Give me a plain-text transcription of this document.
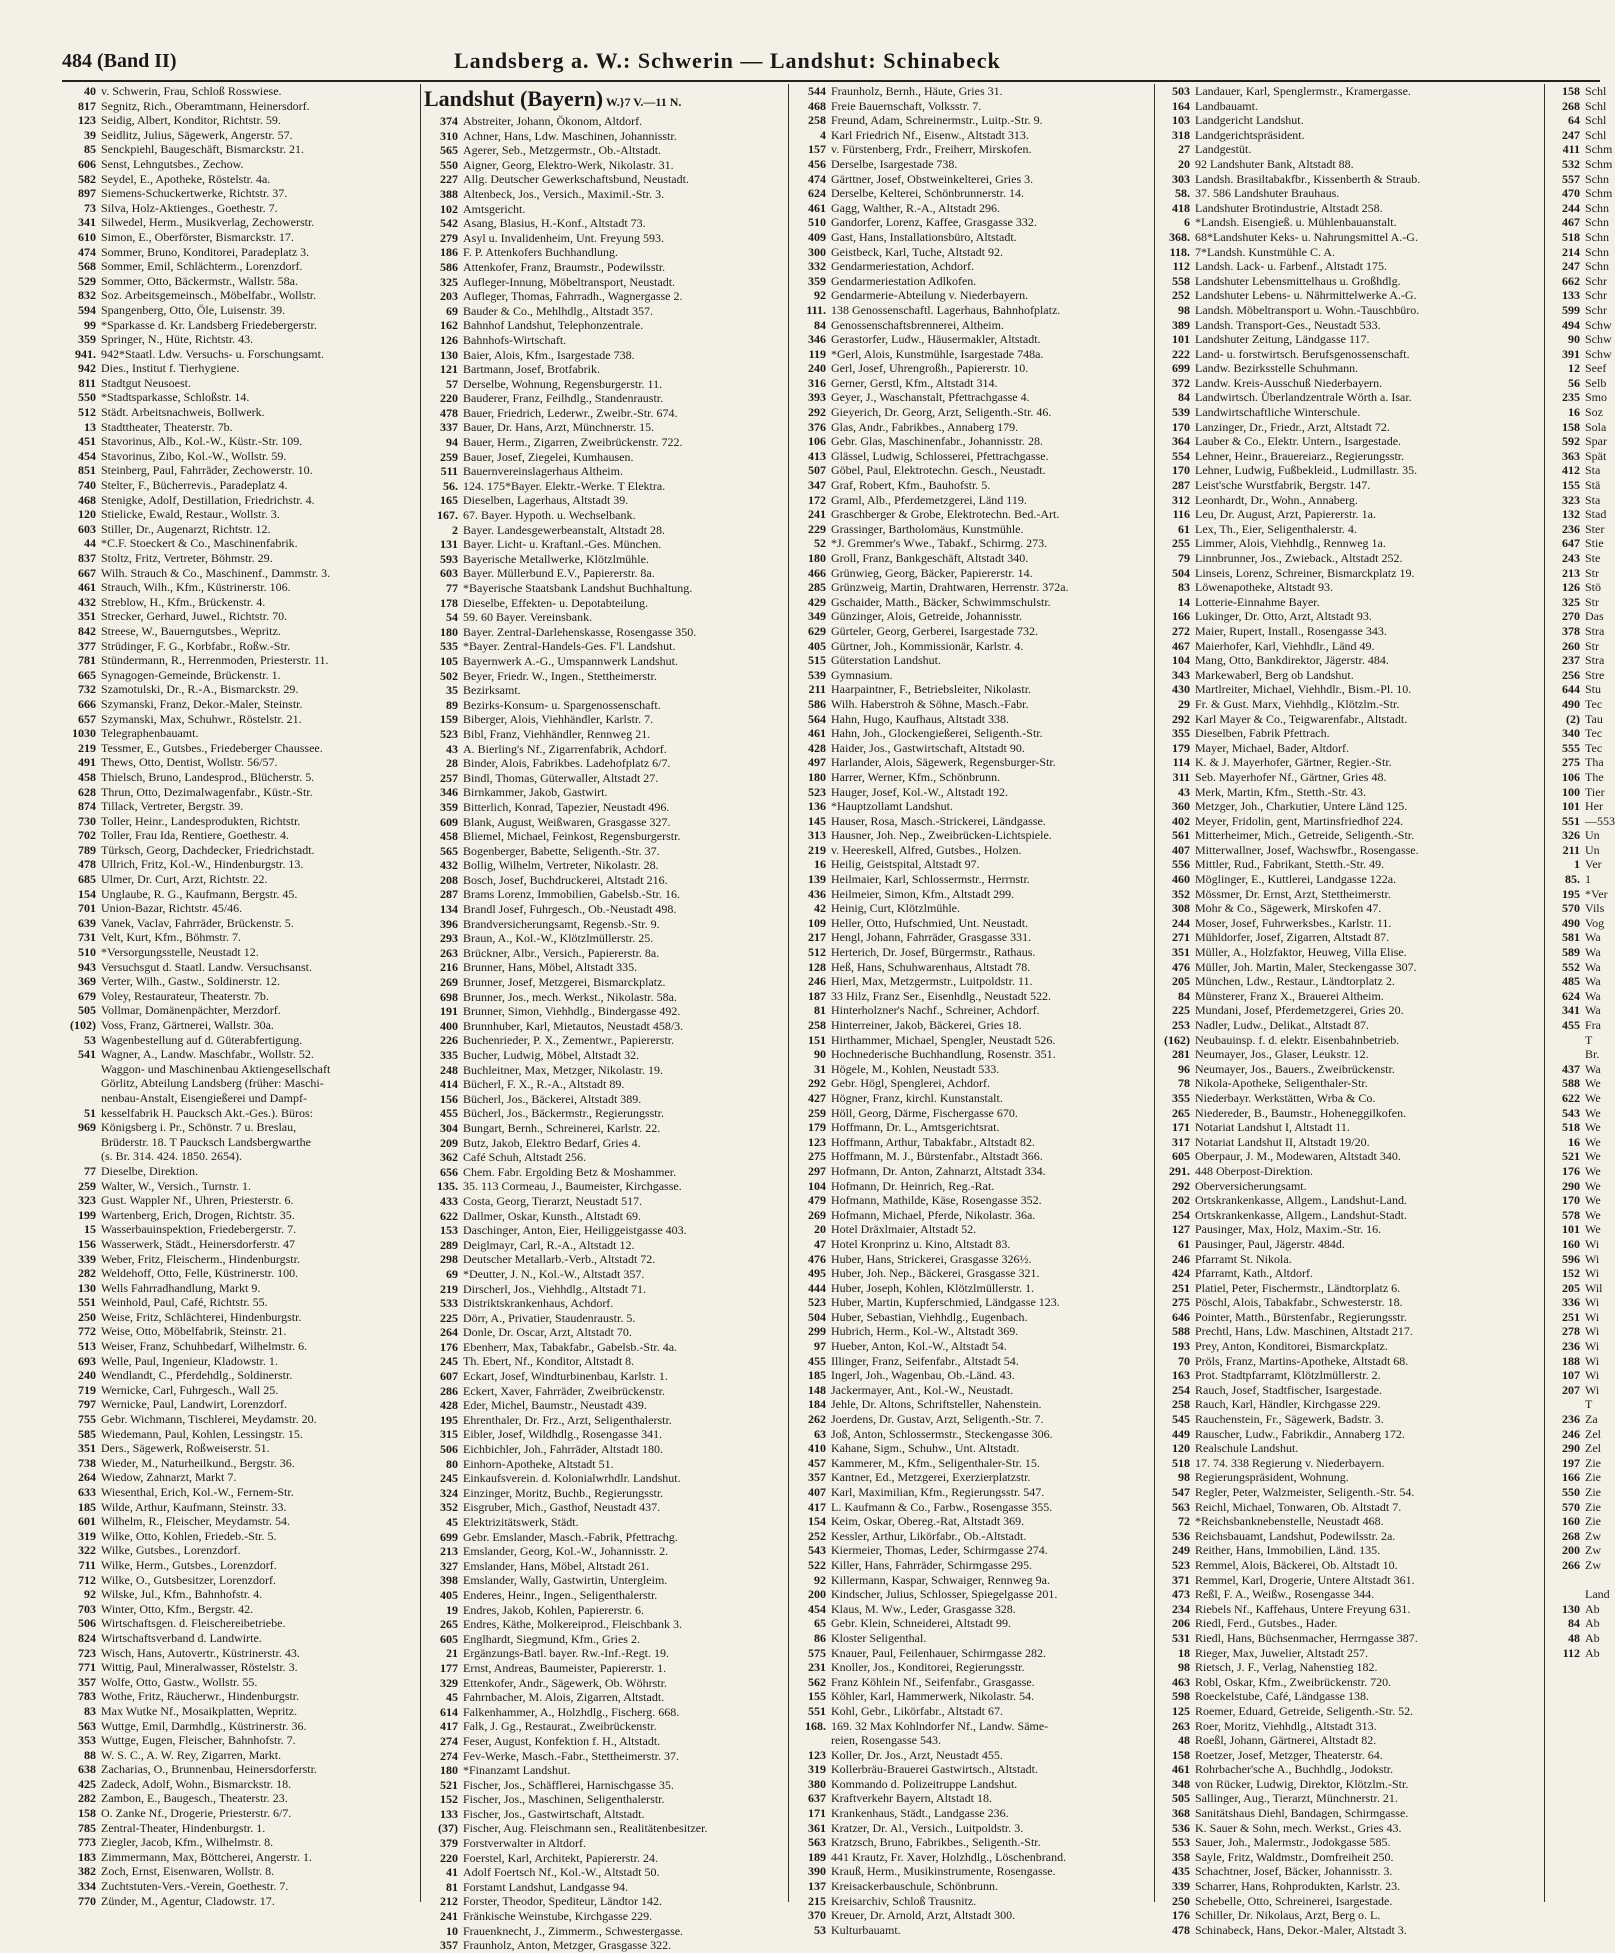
484 (Band II)	Landsberg a. W.: Schwerin — Landshut: Schinabeck
40 v. Schwerin, Frau, Schloß Rosswiese.
817 Segnitz, Rich., Oberamtmann, Heinersdorf.
123 Seidig, Albert, Konditor, Richtstr. 59.
39 Seidlitz, Julius, Sägewerk, Angerstr. 57.
85 Senckpiehl, Baugeschäft, Bismarckstr. 21.
606 Senst, Lehngutsbes., Zechow.
582 Seydel, E., Apotheke, Röstelstr. 4a.
897 Siemens-Schuckertwerke, Richtstr. 37.
73 Silva, Holz-Aktienges., Goethestr. 7.
341 Silwedel, Herm., Musikverlag, Zechowerstr.
610 Simon, E., Oberförster, Bismarckstr. 17.
474 Sommer, Bruno, Konditorei, Paradeplatz 3.
568 Sommer, Emil, Schlächterm., Lorenzdorf.
529 Sommer, Otto, Bäckermstr., Wallstr. 58a.
832 Soz. Arbeitsgemeinsch., Möbelfabr., Wollstr.
594 Spangenberg, Otto, Öle, Luisenstr. 39.
99 *Sparkasse d. Kr. Landsberg Friedebergerstr.
359 Springer, N., Hüte, Richtstr. 43.
941. 942*Staatl. Ldw. Versuchs- u. Forschungsamt.
942 Dies., Institut f. Tierhygiene.
811 Stadtgut Neusoest.
550 *Stadtsparkasse, Schloßstr. 14.
512 Städt. Arbeitsnachweis, Bollwerk.
13 Stadttheater, Theaterstr. 7b.
451 Stavorinus, Alb., Kol.-W., Küstr.-Str. 109.
454 Stavorinus, Zibo, Kol.-W., Wollstr. 59.
851 Steinberg, Paul, Fahrräder, Zechowerstr. 10.
740 Stelter, F., Bücherrevis., Paradeplatz 4.
468 Stenigke, Adolf, Destillation, Friedrichstr. 4.
120 Stielicke, Ewald, Restaur., Wollstr. 3.
603 Stiller, Dr., Augenarzt, Richtstr. 12.
44 *C.F. Stoeckert & Co., Maschinenfabrik.
837 Stoltz, Fritz, Vertreter, Böhmstr. 29.
667 Wilh. Strauch & Co., Maschinenf., Dammstr. 3.
461 Strauch, Wilh., Kfm., Küstrinerstr. 106.
432 Streblow, H., Kfm., Brückenstr. 4.
351 Strecker, Gerhard, Juwel., Richtstr. 70.
842 Streese, W., Bauerngutsbes., Wepritz.
377 Strüdinger, F. G., Korbfabr., Roßw.-Str.
781 Stündermann, R., Herrenmoden, Priesterstr. 11.
665 Synagogen-Gemeinde, Brückenstr. 1.
732 Szamotulski, Dr., R.-A., Bismarckstr. 29.
666 Szymanski, Franz, Dekor.-Maler, Steinstr.
657 Szymanski, Max, Schuhwr., Röstelstr. 21.
1030 Telegraphenbauamt.
219 Tessmer, E., Gutsbes., Friedeberger Chaussee.
491 Thews, Otto, Dentist, Wollstr. 56/57.
458 Thielsch, Bruno, Landesprod., Blücherstr. 5.
628 Thrun, Otto, Dezimalwagenfabr., Küstr.-Str.
874 Tillack, Vertreter, Bergstr. 39.
730 Toller, Heinr., Landesprodukten, Richtstr.
702 Toller, Frau Ida, Rentiere, Goethestr. 4.
789 Türksch, Georg, Dachdecker, Friedrichstadt.
478 Ullrich, Fritz, Kol.-W., Hindenburgstr. 13.
685 Ulmer, Dr. Curt, Arzt, Richtstr. 22.
154 Unglaube, R. G., Kaufmann, Bergstr. 45.
701 Union-Bazar, Richtstr. 45/46.
639 Vanek, Vaclav, Fahrräder, Brückenstr. 5.
731 Velt, Kurt, Kfm., Böhmstr. 7.
510 *Versorgungsstelle, Neustadt 12.
943 Versuchsgut d. Staatl. Landw. Versuchsanst.
369 Verter, Wilh., Gastw., Soldinerstr. 12.
679 Voley, Restaurateur, Theaterstr. 7b.
505 Vollmar, Domänenpächter, Merzdorf.
(102) Voss, Franz, Gärtnerei, Wallstr. 30a.
53 Wagenbestellung auf d. Güterabfertigung.
541 Wagner, A., Landw. Maschfabr., Wollstr. 52.
Waggon- und Maschinenbau Aktiengesellschaft
Görlitz, Abteilung Landsberg (früher: Maschi-
nenbau-Anstalt, Eisengießerei und Dampf-
51 kesselfabrik H. Paucksch Akt.-Ges.). Büros:
969 Königsberg i. Pr., Schönstr. 7 u. Breslau,
Brüderstr. 18. T Paucksch Landsbergwarthe
(s. Br. 314. 424. 1850. 2654).
77 Dieselbe, Direktion.
259 Walter, W., Versich., Turnstr. 1.
323 Gust. Wappler Nf., Uhren, Priesterstr. 6.
199 Wartenberg, Erich, Drogen, Richtstr. 35.
15 Wasserbauinspektion, Friedebergerstr. 7.
156 Wasserwerk, Städt., Heinersdorferstr. 47
339 Weber, Fritz, Fleischerm., Hindenburgstr.
282 Weldehoff, Otto, Felle, Küstrinerstr. 100.
130 Wells Fahrradhandlung, Markt 9.
551 Weinhold, Paul, Café, Richtstr. 55.
250 Weise, Fritz, Schlächterei, Hindenburgstr.
772 Weise, Otto, Möbelfabrik, Steinstr. 21.
513 Weiser, Franz, Schuhbedarf, Wilhelmstr. 6.
693 Welle, Paul, Ingenieur, Kladowstr. 1.
240 Wendlandt, C., Pferdehdlg., Soldinerstr.
719 Wernicke, Carl, Fuhrgesch., Wall 25.
797 Wernicke, Paul, Landwirt, Lorenzdorf.
755 Gebr. Wichmann, Tischlerei, Meydamstr. 20.
585 Wiedemann, Paul, Kohlen, Lessingstr. 15.
351 Ders., Sägewerk, Roßweiserstr. 51.
738 Wieder, M., Naturheilkund., Bergstr. 36.
264 Wiedow, Zahnarzt, Markt 7.
633 Wiesenthal, Erich, Kol.-W., Fernem-Str.
185 Wilde, Arthur, Kaufmann, Steinstr. 33.
601 Wilhelm, R., Fleischer, Meydamstr. 54.
319 Wilke, Otto, Kohlen, Friedeb.-Str. 5.
322 Wilke, Gutsbes., Lorenzdorf.
711 Wilke, Herm., Gutsbes., Lorenzdorf.
712 Wilke, O., Gutsbesitzer, Lorenzdorf.
92 Wilske, Jul., Kfm., Bahnhofstr. 4.
703 Winter, Otto, Kfm., Bergstr. 42.
506 Wirtschaftsgen. d. Fleischereibetriebe.
824 Wirtschaftsverband d. Landwirte.
723 Wisch, Hans, Autovertr., Küstrinerstr. 43.
771 Wittig, Paul, Mineralwasser, Röstelstr. 3.
357 Wolfe, Otto, Gastw., Wollstr. 55.
783 Wothe, Fritz, Räucherwr., Hindenburgstr.
83 Max Wutke Nf., Mosaikplatten, Wepritz.
563 Wuttge, Emil, Darmhdlg., Küstrinerstr. 36.
353 Wuttge, Eugen, Fleischer, Bahnhofstr. 7.
88 W. S. C., A. W. Rey, Zigarren, Markt.
638 Zacharias, O., Brunnenbau, Heinersdorferstr.
425 Zadeck, Adolf, Wohn., Bismarckstr. 18.
282 Zambon, E., Baugesch., Theaterstr. 23.
158 O. Zanke Nf., Drogerie, Priesterstr. 6/7.
785 Zentral-Theater, Hindenburgstr. 1.
773 Ziegler, Jacob, Kfm., Wilhelmstr. 8.
183 Zimmermann, Max, Böttcherei, Angerstr. 1.
382 Zoch, Ernst, Eisenwaren, Wollstr. 8.
334 Zuchtstuten-Vers.-Verein, Goethestr. 7.
770 Zünder, M., Agentur, Cladowstr. 17.
Landshut (Bayern) W.}7 V.—11 N.
374 Abstreiter, Johann, Ökonom, Altdorf.
310 Achner, Hans, Ldw. Maschinen, Johannisstr.
565 Agerer, Seb., Metzgermstr., Ob.-Altstadt.
550 Aigner, Georg, Elektro-Werk, Nikolastr. 31.
227 Allg. Deutscher Gewerkschaftsbund, Neustadt.
388 Altenbeck, Jos., Versich., Maximil.-Str. 3.
102 Amtsgericht.
542 Asang, Blasius, H.-Konf., Altstadt 73.
279 Asyl u. Invalidenheim, Unt. Freyung 593.
186 F. P. Attenkofers Buchhandlung.
586 Attenkofer, Franz, Braumstr., Podewilsstr.
325 Aufleger-Innung, Möbeltransport, Neustadt.
203 Aufleger, Thomas, Fahrradh., Wagnergasse 2.
69 Bauder & Co., Mehlhdlg., Altstadt 357.
162 Bahnhof Landshut, Telephonzentrale.
126 Bahnhofs-Wirtschaft.
130 Baier, Alois, Kfm., Isargestade 738.
121 Bartmann, Josef, Brotfabrik.
57 Derselbe, Wohnung, Regensburgerstr. 11.
220 Bauderer, Franz, Feilhdlg., Standenraustr.
478 Bauer, Friedrich, Lederwr., Zweibr.-Str. 674.
337 Bauer, Dr. Hans, Arzt, Münchnerstr. 15.
94 Bauer, Herm., Zigarren, Zweibrückenstr. 722.
259 Bauer, Josef, Ziegelei, Kumhausen.
511 Bauernvereinslagerhaus Altheim.
56. 124. 175*Bayer. Elektr.-Werke. T Elektra.
165 Dieselben, Lagerhaus, Altstadt 39.
167. 67. Bayer. Hypoth. u. Wechselbank.
2 Bayer. Landesgewerbeanstalt, Altstadt 28.
131 Bayer. Licht- u. Kraftanl.-Ges. München.
593 Bayerische Metallwerke, Klötzlmühle.
603 Bayer. Müllerbund E.V., Papiererstr. 8a.
77 *Bayerische Staatsbank Landshut Buchhaltung.
178 Dieselbe, Effekten- u. Depotabteilung.
54 59. 60 Bayer. Vereinsbank.
180 Bayer. Zentral-Darlehenskasse, Rosengasse 350.
535 *Bayer. Zentral-Handels-Ges. F'l. Landshut.
105 Bayernwerk A.-G., Umspannwerk Landshut.
502 Beyer, Friedr. W., Ingen., Stettheimerstr.
35 Bezirksamt.
89 Bezirks-Konsum- u. Spargenossenschaft.
159 Biberger, Alois, Viehhändler, Karlstr. 7.
523 Bibl, Franz, Viehhändler, Rennweg 21.
43 A. Bierling's Nf., Zigarrenfabrik, Achdorf.
28 Binder, Alois, Fabrikbes. Ladehofplatz 6/7.
257 Bindl, Thomas, Güterwaller, Altstadt 27.
346 Birnkammer, Jakob, Gastwirt.
359 Bitterlich, Konrad, Tapezier, Neustadt 496.
609 Blank, August, Weißwaren, Grasgasse 327.
458 Bliemel, Michael, Feinkost, Regensburgerstr.
565 Bogenberger, Babette, Seligenth.-Str. 37.
432 Bollig, Wilhelm, Vertreter, Nikolastr. 28.
208 Bosch, Josef, Buchdruckerei, Altstadt 216.
287 Brams Lorenz, Immobilien, Gabelsb.-Str. 16.
134 Brandl Josef, Fuhrgesch., Ob.-Neustadt 498.
396 Brandversicherungsamt, Regensb.-Str. 9.
293 Braun, A., Kol.-W., Klötzlmüllerstr. 25.
263 Brückner, Albr., Versich., Papiererstr. 8a.
216 Brunner, Hans, Möbel, Altstadt 335.
269 Brunner, Josef, Metzgerei, Bismarckplatz.
698 Brunner, Jos., mech. Werkst., Nikolastr. 58a.
191 Brunner, Simon, Viehhdlg., Bindergasse 492.
400 Brunnhuber, Karl, Mietautos, Neustadt 458/3.
226 Buchenrieder, P. X., Zementwr., Papiererstr.
335 Bucher, Ludwig, Möbel, Altstadt 32.
248 Buchleitner, Max, Metzger, Nikolastr. 19.
414 Bücherl, F. X., R.-A., Altstadt 89.
156 Bücherl, Jos., Bäckerei, Altstadt 389.
455 Bücherl, Jos., Bäckermstr., Regierungsstr.
304 Bungart, Bernh., Schreinerei, Karlstr. 22.
209 Butz, Jakob, Elektro Bedarf, Gries 4.
362 Café Schuh, Altstadt 256.
656 Chem. Fabr. Ergolding Betz & Moshammer.
135. 35. 113 Cormeau, J., Baumeister, Kirchgasse.
433 Costa, Georg, Tierarzt, Neustadt 517.
622 Dallmer, Oskar, Kunsth., Altstadt 69.
153 Daschinger, Anton, Eier, Heiliggeistgasse 403.
289 Deiglmayr, Carl, R.-A., Altstadt 12.
298 Deutscher Metallarb.-Verb., Altstadt 72.
69 *Deutter, J. N., Kol.-W., Altstadt 357.
219 Dirscherl, Jos., Viehhdlg., Altstadt 71.
533 Distriktskrankenhaus, Achdorf.
225 Dörr, A., Privatier, Staudenraustr. 5.
264 Donle, Dr. Oscar, Arzt, Altstadt 70.
176 Ebenherr, Max, Tabakfabr., Gabelsb.-Str. 4a.
245 Th. Ebert, Nf., Konditor, Altstadt 8.
607 Eckart, Josef, Windturbinenbau, Karlstr. 1.
286 Eckert, Xaver, Fahrräder, Zweibrückenstr.
428 Eder, Michel, Baumstr., Neustadt 439.
195 Ehrenthaler, Dr. Frz., Arzt, Seligenthalerstr.
315 Eibler, Josef, Wildhdlg., Rosengasse 341.
506 Eichbichler, Joh., Fahrräder, Altstadt 180.
80 Einhorn-Apotheke, Altstadt 51.
245 Einkaufsverein. d. Kolonialwrhdlr. Landshut.
324 Einzinger, Moritz, Buchb., Regierungsstr.
352 Eisgruber, Mich., Gasthof, Neustadt 437.
45 Elektrizitätswerk, Städt.
699 Gebr. Emslander, Masch.-Fabrik, Pfettrachg.
213 Emslander, Georg, Kol.-W., Johannisstr. 2.
327 Emslander, Hans, Möbel, Altstadt 261.
398 Emslander, Wally, Gastwirtin, Untergleim.
405 Enderes, Heinr., Ingen., Seligenthalerstr.
19 Endres, Jakob, Kohlen, Papiererstr. 6.
265 Endres, Käthe, Molkereiprod., Fleischbank 3.
605 Englhardt, Siegmund, Kfm., Gries 2.
21 Ergänzungs-Batl. bayer. Rw.-Inf.-Regt. 19.
177 Ernst, Andreas, Baumeister, Papiererstr. 1.
329 Ettenkofer, Andr., Sägewerk, Ob. Wöhrstr.
45 Fahrnbacher, M. Alois, Zigarren, Altstadt.
614 Falkenhammer, A., Holzhdlg., Fischerg. 668.
417 Falk, J. Gg., Restaurat., Zweibrückenstr.
274 Feser, August, Konfektion f. H., Altstadt.
274 Fev-Werke, Masch.-Fabr., Stettheimerstr. 37.
180 *Finanzamt Landshut.
521 Fischer, Jos., Schäfflerei, Harnischgasse 35.
152 Fischer, Jos., Maschinen, Seligenthalerstr.
133 Fischer, Jos., Gastwirtschaft, Altstadt.
(37) Fischer, Aug. Fleischmann sen., Realitätenbesitzer.
379 Forstverwalter in Altdorf.
220 Foerstel, Karl, Architekt, Papiererstr. 24.
41 Adolf Foertsch Nf., Kol.-W., Altstadt 50.
81 Forstamt Landshut, Landgasse 94.
212 Forster, Theodor, Spediteur, Ländtor 142.
241 Fränkische Weinstube, Kirchgasse 229.
10 Frauenknecht, J., Zimmerm., Schwestergasse.
357 Fraunholz, Anton, Metzger, Grasgasse 322.
544 Fraunholz, Bernh., Häute, Gries 31.
468 Freie Bauernschaft, Volksstr. 7.
258 Freund, Adam, Schreinermstr., Luitp.-Str. 9.
4 Karl Friedrich Nf., Eisenw., Altstadt 313.
157 v. Fürstenberg, Frdr., Freiherr, Mirskofen.
456 Derselbe, Isargestade 738.
474 Gärttner, Josef, Obstweinkelterei, Gries 3.
624 Derselbe, Kelterei, Schönbrunnerstr. 14.
461 Gagg, Walther, R.-A., Altstadt 296.
510 Gandorfer, Lorenz, Kaffee, Grasgasse 332.
409 Gast, Hans, Installationsbüro, Altstadt.
300 Geistbeck, Karl, Tuche, Altstadt 92.
332 Gendarmeriestation, Achdorf.
359 Gendarmeriestation Adlkofen.
92 Gendarmerie-Abteilung v. Niederbayern.
111. 138 Genossenschaftl. Lagerhaus, Bahnhofplatz.
84 Genossenschaftsbrennerei, Altheim.
346 Gerastorfer, Ludw., Häusermakler, Altstadt.
119 *Gerl, Alois, Kunstmühle, Isargestade 748a.
240 Gerl, Josef, Uhrengroßh., Papiererstr. 10.
316 Gerner, Gerstl, Kfm., Altstadt 314.
393 Geyer, J., Waschanstalt, Pfettrachgasse 4.
292 Gieyerich, Dr. Georg, Arzt, Seligenth.-Str. 46.
376 Glas, Andr., Fabrikbes., Annaberg 179.
106 Gebr. Glas, Maschinenfabr., Johannisstr. 28.
413 Glässel, Ludwig, Schlosserei, Pfettrachgasse.
507 Göbel, Paul, Elektrotechn. Gesch., Neustadt.
347 Graf, Robert, Kfm., Bauhofstr. 5.
172 Graml, Alb., Pferdemetzgerei, Länd 119.
241 Graschberger & Grobe, Elektrotechn. Bed.-Art.
229 Grassinger, Bartholomäus, Kunstmühle.
52 *J. Gremmer's Wwe., Tabakf., Schirmg. 273.
180 Groll, Franz, Bankgeschäft, Altstadt 340.
466 Grünwieg, Georg, Bäcker, Papiererstr. 14.
285 Grünzweig, Martin, Drahtwaren, Herrenstr. 372a.
429 Gschaider, Matth., Bäcker, Schwimmschulstr.
349 Günzinger, Alois, Getreide, Johannisstr.
629 Gürteler, Georg, Gerberei, Isargestade 732.
405 Gürtner, Joh., Kommissionär, Karlstr. 4.
515 Güterstation Landshut.
539 Gymnasium.
211 Haarpaintner, F., Betriebsleiter, Nikolastr.
586 Wilh. Haberstroh & Söhne, Masch.-Fabr.
564 Hahn, Hugo, Kaufhaus, Altstadt 338.
461 Hahn, Joh., Glockengießerei, Seligenth.-Str.
428 Haider, Jos., Gastwirtschaft, Altstadt 90.
497 Harlander, Alois, Sägewerk, Regensburger-Str.
180 Harrer, Werner, Kfm., Schönbrunn.
523 Hauger, Josef, Kol.-W., Altstadt 192.
136 *Hauptzollamt Landshut.
145 Hauser, Rosa, Masch.-Strickerei, Ländgasse.
313 Hausner, Joh. Nep., Zweibrücken-Lichtspiele.
219 v. Heereskell, Alfred, Gutsbes., Holzen.
16 Heilig, Geistspital, Altstadt 97.
139 Heilmaier, Karl, Schlossermstr., Herrnstr.
436 Heilmeier, Simon, Kfm., Altstadt 299.
42 Heinig, Curt, Klötzlmühle.
109 Heller, Otto, Hufschmied, Unt. Neustadt.
217 Hengl, Johann, Fahrräder, Grasgasse 331.
512 Herterich, Dr. Josef, Bürgermstr., Rathaus.
128 Heß, Hans, Schuhwarenhaus, Altstadt 78.
246 Hierl, Max, Metzgermstr., Luitpoldstr. 11.
187 33 Hilz, Franz Ser., Eisenhdlg., Neustadt 522.
81 Hinterholzner's Nachf., Schreiner, Achdorf.
258 Hinterreiner, Jakob, Bäckerei, Gries 18.
151 Hirthammer, Michael, Spengler, Neustadt 526.
90 Hochnederische Buchhandlung, Rosenstr. 351.
31 Högele, M., Kohlen, Neustadt 533.
292 Gebr. Högl, Spenglerei, Achdorf.
427 Högner, Franz, kirchl. Kunstanstalt.
259 Höll, Georg, Därme, Fischergasse 670.
179 Hoffmann, Dr. L., Amtsgerichtsrat.
123 Hoffmann, Arthur, Tabakfabr., Altstadt 82.
275 Hoffmann, M. J., Bürstenfabr., Altstadt 366.
297 Hofmann, Dr. Anton, Zahnarzt, Altstadt 334.
104 Hofmann, Dr. Heinrich, Reg.-Rat.
479 Hofmann, Mathilde, Käse, Rosengasse 352.
269 Hofmann, Michael, Pferde, Nikolastr. 36a.
20 Hotel Dräxlmaier, Altstadt 52.
47 Hotel Kronprinz u. Kino, Altstadt 83.
476 Huber, Hans, Strickerei, Grasgasse 326½.
495 Huber, Joh. Nep., Bäckerei, Grasgasse 321.
444 Huber, Joseph, Kohlen, Klötzlmüllerstr. 1.
523 Huber, Martin, Kupferschmied, Ländgasse 123.
504 Huber, Sebastian, Viehhdlg., Eugenbach.
299 Hubrich, Herm., Kol.-W., Altstadt 369.
97 Hueber, Anton, Kol.-W., Altstadt 54.
455 Illinger, Franz, Seifenfabr., Altstadt 54.
185 Ingerl, Joh., Wagenbau, Ob.-Länd. 43.
148 Jackermayer, Ant., Kol.-W., Neustadt.
184 Jehle, Dr. Altons, Schriftsteller, Nahenstein.
262 Joerdens, Dr. Gustav, Arzt, Seligenth.-Str. 7.
63 Joß, Anton, Schlossermstr., Steckengasse 306.
410 Kahane, Sigm., Schuhw., Unt. Altstadt.
457 Kammerer, M., Kfm., Seligenthaler-Str. 15.
357 Kantner, Ed., Metzgerei, Exerzierplatzstr.
407 Karl, Maximilian, Kfm., Regierungsstr. 547.
417 L. Kaufmann & Co., Farbw., Rosengasse 355.
154 Keim, Oskar, Obereg.-Rat, Altstadt 369.
252 Kessler, Arthur, Likörfabr., Ob.-Altstadt.
543 Kiermeier, Thomas, Leder, Schirmgasse 274.
522 Killer, Hans, Fahrräder, Schirmgasse 295.
92 Killermann, Kaspar, Schwaiger, Rennweg 9a.
200 Kindscher, Julius, Schlosser, Spiegelgasse 201.
454 Klaus, M. Ww., Leder, Grasgasse 328.
65 Gebr. Klein, Schneiderei, Altstadt 99.
86 Kloster Seligenthal.
575 Knauer, Paul, Feilenhauer, Schirmgasse 282.
231 Knoller, Jos., Konditorei, Regierungsstr.
562 Franz Köhlein Nf., Seifenfabr., Grasgasse.
155 Köhler, Karl, Hammerwerk, Nikolastr. 54.
551 Kohl, Gebr., Likörfabr., Altstadt 67.
168. 169. 32 Max Kohlndorfer Nf., Landw. Säme-
reien, Rosengasse 543.
123 Koller, Dr. Jos., Arzt, Neustadt 455.
319 Kollerbräu-Brauerei Gastwirtsch., Altstadt.
380 Kommando d. Polizeitruppe Landshut.
637 Kraftverkehr Bayern, Altstadt 18.
171 Krankenhaus, Städt., Landgasse 236.
361 Kratzer, Dr. Al., Versich., Luitpoldstr. 3.
563 Kratzsch, Bruno, Fabrikbes., Seligenth.-Str.
189 441 Krautz, Fr. Xaver, Holzhdlg., Löschenbrand.
390 Krauß, Herm., Musikinstrumente, Rosengasse.
137 Kreisackerbauschule, Schönbrunn.
215 Kreisarchiv, Schloß Trausnitz.
370 Kreuer, Dr. Arnold, Arzt, Altstadt 300.
53 Kulturbauamt.
503 Landauer, Karl, Spenglermstr., Kramergasse.
164 Landbauamt.
103 Landgericht Landshut.
318 Landgerichtspräsident.
27 Landgestüt.
20 92 Landshuter Bank, Altstadt 88.
303 Landsh. Brasiltabakfbr., Kissenberth & Straub.
58. 37. 586 Landshuter Brauhaus.
418 Landshuter Brotindustrie, Altstadt 258.
6 *Landsh. Eisengieß. u. Mühlenbauanstalt.
368. 68*Landshuter Keks- u. Nahrungsmittel A.-G.
118. 7*Landsh. Kunstmühle C. A.
112 Landsh. Lack- u. Farbenf., Altstadt 175.
558 Landshuter Lebensmittelhaus u. Großhdlg.
252 Landshuter Lebens- u. Nährmittelwerke A.-G.
98 Landsh. Möbeltransport u. Wohn.-Tauschbüro.
389 Landsh. Transport-Ges., Neustadt 533.
101 Landshuter Zeitung, Ländgasse 117.
222 Land- u. forstwirtsch. Berufsgenossenschaft.
699 Landw. Bezirksstelle Schuhmann.
372 Landw. Kreis-Ausschuß Niederbayern.
84 Landwirtsch. Überlandzentrale Wörth a. Isar.
539 Landwirtschaftliche Winterschule.
170 Lanzinger, Dr., Friedr., Arzt, Altstadt 72.
364 Lauber & Co., Elektr. Untern., Isargestade.
554 Lehner, Heinr., Brauereiarz., Regierungsstr.
170 Lehner, Ludwig, Fußbekleid., Ludmillastr. 35.
287 Leist'sche Wurstfabrik, Bergstr. 147.
312 Leonhardt, Dr., Wohn., Annaberg.
116 Leu, Dr. August, Arzt, Papiererstr. 1a.
61 Lex, Th., Eier, Seligenthalerstr. 4.
255 Limmer, Alois, Viehhdlg., Rennweg 1a.
79 Linnbrunner, Jos., Zwieback., Altstadt 252.
504 Linseis, Lorenz, Schreiner, Bismarckplatz 19.
83 Löwenapotheke, Altstadt 93.
14 Lotterie-Einnahme Bayer.
166 Lukinger, Dr. Otto, Arzt, Altstadt 93.
272 Maier, Rupert, Install., Rosengasse 343.
467 Maierhofer, Karl, Viehhdlr., Länd 49.
104 Mang, Otto, Bankdirektor, Jägerstr. 484.
343 Markewaberl, Berg ob Landshut.
430 Martlreiter, Michael, Viehhdlr., Bism.-Pl. 10.
29 Fr. & Gust. Marx, Viehhdlg., Klötzlm.-Str.
292 Karl Mayer & Co., Teigwarenfabr., Altstadt.
355 Dieselben, Fabrik Pfettrach.
179 Mayer, Michael, Bader, Altdorf.
114 K. & J. Mayerhofer, Gärtner, Regier.-Str.
311 Seb. Mayerhofer Nf., Gärtner, Gries 48.
43 Merk, Martin, Kfm., Stetth.-Str. 43.
360 Metzger, Joh., Charkutier, Untere Länd 125.
402 Meyer, Fridolin, gent, Martinsfriedhof 224.
561 Mitterheimer, Mich., Getreide, Seligenth.-Str.
407 Mitterwallner, Josef, Wachswfbr., Rosengasse.
556 Mittler, Rud., Fabrikant, Stetth.-Str. 49.
460 Möglinger, E., Kuttlerei, Landgasse 122a.
352 Mössmer, Dr. Ernst, Arzt, Stettheimerstr.
308 Mohr & Co., Sägewerk, Mirskofen 47.
244 Moser, Josef, Fuhrwerksbes., Karlstr. 11.
271 Mühldorfer, Josef, Zigarren, Altstadt 87.
351 Müller, A., Holzfaktor, Heuweg, Villa Elise.
476 Müller, Joh. Martin, Maler, Steckengasse 307.
205 München, Ldw., Restaur., Ländtorplatz 2.
84 Münsterer, Franz X., Brauerei Altheim.
225 Mundani, Josef, Pferdemetzgerei, Gries 20.
253 Nadler, Ludw., Delikat., Altstadt 87.
(162) Neubauinsp. f. d. elektr. Eisenbahnbetrieb.
281 Neumayer, Jos., Glaser, Leukstr. 12.
96 Neumayer, Jos., Bauers., Zweibrückenstr.
78 Nikola-Apotheke, Seligenthaler-Str.
355 Niederbayr. Werkstätten, Wrba & Co.
265 Niedereder, B., Baumstr., Hoheneggilkofen.
171 Notariat Landshut I, Altstadt 11.
317 Notariat Landshut II, Altstadt 19/20.
605 Oberpaur, J. M., Modewaren, Altstadt 340.
291. 448 Oberpost-Direktion.
292 Oberversicherungsamt.
202 Ortskrankenkasse, Allgem., Landshut-Land.
254 Ortskrankenkasse, Allgem., Landshut-Stadt.
127 Pausinger, Max, Holz, Maxim.-Str. 16.
61 Pausinger, Paul, Jägerstr. 484d.
246 Pfarramt St. Nikola.
424 Pfarramt, Kath., Altdorf.
251 Platiel, Peter, Fischermstr., Ländtorplatz 6.
275 Pöschl, Alois, Tabakfabr., Schwesterstr. 18.
646 Pointer, Matth., Bürstenfabr., Regierungsstr.
588 Prechtl, Hans, Ldw. Maschinen, Altstadt 217.
193 Prey, Anton, Konditorei, Bismarckplatz.
70 Pröls, Franz, Martins-Apotheke, Altstadt 68.
163 Prot. Stadtpfarramt, Klötzlmüllerstr. 2.
254 Rauch, Josef, Stadtfischer, Isargestade.
258 Rauch, Karl, Händler, Kirchgasse 229.
545 Rauchenstein, Fr., Sägewerk, Badstr. 3.
449 Rauscher, Ludw., Fabrikdir., Annaberg 172.
120 Realschule Landshut.
518 17. 74. 338 Regierung v. Niederbayern.
98 Regierungspräsident, Wohnung.
547 Regler, Peter, Walzmeister, Seligenth.-Str. 54.
563 Reichl, Michael, Tonwaren, Ob. Altstadt 7.
72 *Reichsbanknebenstelle, Neustadt 468.
536 Reichsbauamt, Landshut, Podewilsstr. 2a.
249 Reither, Hans, Immobilien, Länd. 135.
523 Remmel, Alois, Bäckerei, Ob. Altstadt 10.
371 Remmel, Karl, Drogerie, Untere Altstadt 361.
473 Reßl, F. A., Weißw., Rosengasse 344.
234 Riebels Nf., Kaffehaus, Untere Freyung 631.
206 Riedl, Ferd., Gutsbes., Hader.
531 Riedl, Hans, Büchsenmacher, Herrngasse 387.
18 Rieger, Max, Juwelier, Altstadt 257.
98 Rietsch, J. F., Verlag, Nahenstieg 182.
463 Robl, Oskar, Kfm., Zweibrückenstr. 720.
598 Roeckelstube, Café, Ländgasse 138.
125 Roemer, Eduard, Getreide, Seligenth.-Str. 52.
263 Roer, Moritz, Viehhdlg., Altstadt 313.
48 Roeßl, Johann, Gärtnerei, Altstadt 82.
158 Roetzer, Josef, Metzger, Theaterstr. 64.
461 Rohrbacher'sche A., Buchhdlg., Jodokstr.
348 von Rücker, Ludwig, Direktor, Klötzlm.-Str.
505 Sallinger, Aug., Tierarzt, Münchnerstr. 21.
368 Sanitätshaus Diehl, Bandagen, Schirmgasse.
536 K. Sauer & Sohn, mech. Werkst., Gries 43.
553 Sauer, Joh., Malermstr., Jodokgasse 585.
358 Sayle, Fritz, Waldmstr., Domfreiheit 250.
435 Schachtner, Josef, Bäcker, Johannisstr. 3.
339 Scharrer, Hans, Rohprodukten, Karlstr. 23.
250 Schebelle, Otto, Schreinerei, Isargestade.
176 Schiller, Dr. Nikolaus, Arzt, Berg o. L.
478 Schinabeck, Hans, Dekor.-Maler, Altstadt 3.
158 Schl
268 Schl
64 Schl
247 Schl
411 Schm
532 Schm
557 Schn
470 Schm
244 Schn
467 Schn
518 Schn
214 Schn
247 Schn
662 Schr
133 Schr
599 Schr
494 Schw
90 Schw
391 Schw
12 Seef
56 Selb
235 Smo
16 Soz
158 Sola
592 Spar
363 Spät
412 Sta
155 Stä
323 Sta
132 Stad
236 Ster
647 Stie
243 Ste
213 Str
126 Stö
325 Str
270 Das
378 Stra
260 Str
237 Stra
256 Stre
644 Stu
490 Tec
(2) Tau
340 Tec
555 Tec
275 Tha
106 The
100 Tier
101 Her
551 —553
326 Un
211 Un
1 Ver
85. 1
195 *Ver
570 Vils
490 Vog
581 Wa
589 Wa
552 Wa
485 Wa
624 Wa
341 Wa
455 Fra
T
Br.
437 Wa
588 We
622 We
543 We
518 We
16 We
521 We
176 We
290 We
170 We
578 We
101 We
160 Wi
596 Wi
152 Wi
205 Wil
336 Wi
251 Wi
278 Wi
236 Wi
188 Wi
107 Wi
207 Wi
T
236 Za
246 Zel
290 Zel
197 Zie
166 Zie
550 Zie
570 Zie
160 Zie
268 Zw
200 Zw
266 Zw
Land
130 Ab
84 Ab
48 Ab
112 Ab
